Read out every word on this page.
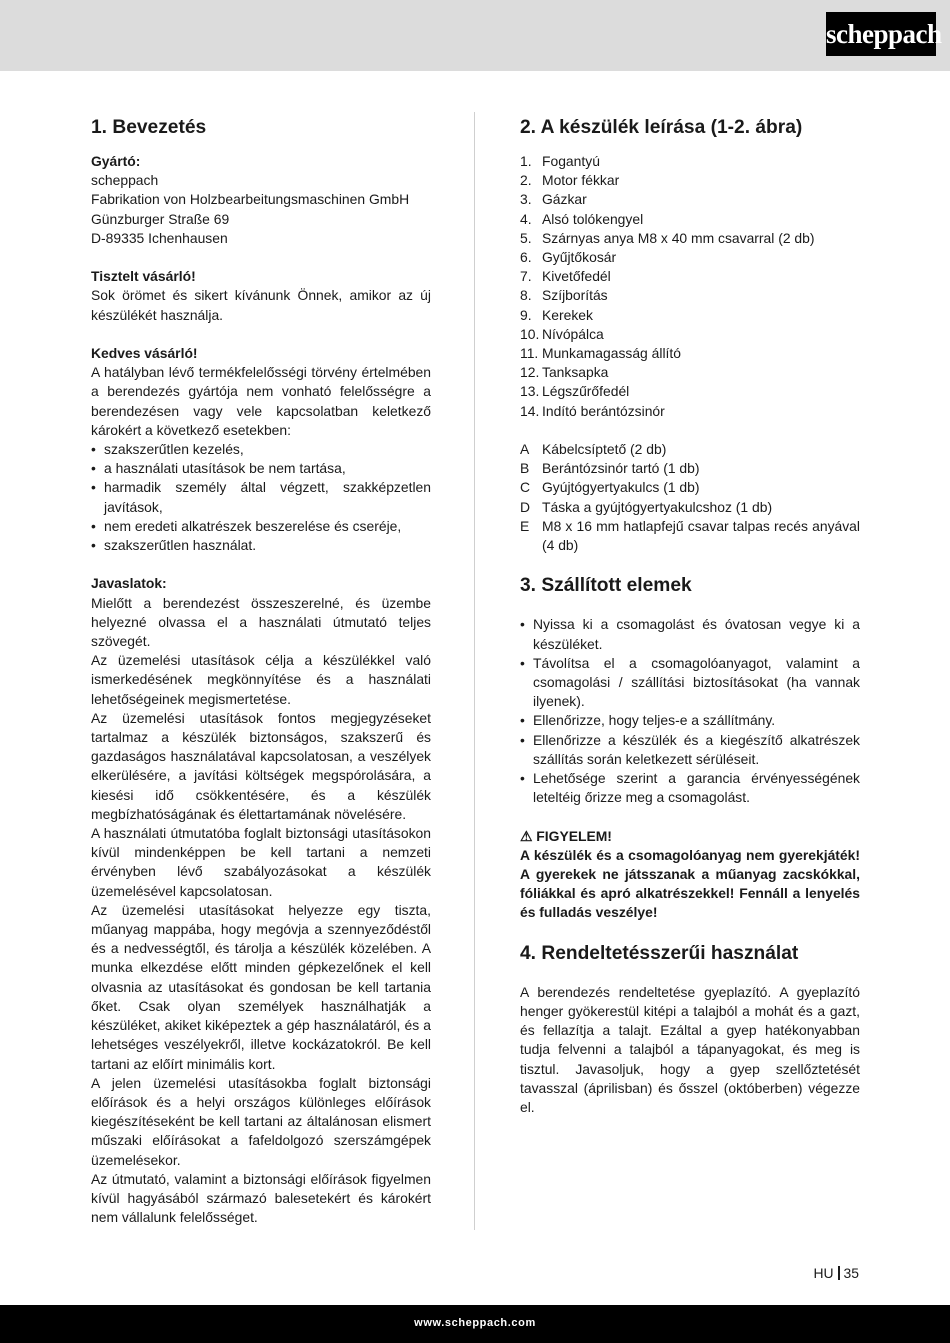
scheppach
1. Bevezetés

Gyártó:

scheppach

Fabrikation von Holzbearbeitungsmaschinen GmbH

Günzburger Straße 69

D-89335 Ichenhausen

Tisztelt vásárló!

Sok örömet és sikert kívánunk Önnek, amikor az új készülékét használja.

Kedves vásárló!

A hatályban lévő termékfelelősségi törvény értelmében a berendezés gyártója nem vonható felelősségre a berendezésen vagy vele kapcsolatban keletkező károkért a következő esetekben:

• szakszerűtlen kezelés,
• a használati utasítások be nem tartása,
• harmadik személy által végzett, szakképzetlen javítások,
• nem eredeti alkatrészek beszerelése és cseréje,
• szakszerűtlen használat.

Javaslatok:

Mielőtt a berendezést összeszerelné, és üzembe helyezné olvassa el a használati útmutató teljes szövegét.

Az üzemelési utasítások célja a készülékkel való ismerkedésének megkönnyítése és a használati lehetőségeinek megismertetése.

Az üzemelési utasítások fontos megjegyzéseket tartalmaz a készülék biztonságos, szakszerű és gazdaságos használatával kapcsolatosan, a veszélyek elkerülésére, a javítási költségek megspórolására, a kiesési idő csökkentésére, és a készülék megbízhatóságának és élettartamának növelésére.

A használati útmutatóba foglalt biztonsági utasításokon kívül mindenképpen be kell tartani a nemzeti érvényben lévő szabályozásokat a készülék üzemelésével kapcsolatosan.

Az üzemelési utasításokat helyezze egy tiszta, műanyag mappába, hogy megóvja a szennyeződéstől és a nedvességtől, és tárolja a készülék közelében. A munka elkezdése előtt minden gépkezelőnek el kell olvasnia az utasításokat és gondosan be kell tartania őket. Csak olyan személyek használhatják a készüléket, akiket kiképeztek a gép használatáról, és a lehetséges veszélyekről, illetve kockázatokról. Be kell tartani az előírt minimális kort.

A jelen üzemelési utasításokba foglalt biztonsági előírások és a helyi országos különleges előírások kiegészítéseként be kell tartani az általánosan elismert műszaki előírásokat a fafeldolgozó szerszámgépek üzemelésekor.

Az útmutató, valamint a biztonsági előírások figyelmen kívül hagyásából származó balesetekért és károkért nem vállalunk felelősséget.

2. A készülék leírása (1-2. ábra)
1. Fogantyú
2. Motor fékkar
3. Gázkar
4. Alsó tolókengyel
5. Szárnyas anya M8 x 40 mm csavarral (2 db)
6. Gyűjtőkosár
7. Kivetőfedél
8. Szíjborítás
9. Kerekek
10. Nívópálca
11. Munkamagasság állító
12. Tanksapka
13. Légszűrőfedél
14. Indító berántózsinór
A Kábelcsíptető (2 db)
B Berántózsinór tartó (1 db)
C Gyújtógyertyakulcs (1 db)
D Táska a gyújtógyertyakulcshoz (1 db)
E M8 x 16 mm hatlapfejű csavar talpas recés anyával (4 db)
3. Szállított elemek
• Nyissa ki a csomagolást és óvatosan vegye ki a készüléket.
• Távolítsa el a csomagolóanyagot, valamint a csomagolási / szállítási biztosításokat (ha vannak ilyenek).
• Ellenőrizze, hogy teljes-e a szállítmány.
• Ellenőrizze a készülék és a kiegészítő alkatrészek szállítás során keletkezett sérüléseit.
• Lehetősége szerint a garancia érvényességének leteltéig őrizze meg a csomagolást.

⚠ FIGYELEM!

A készülék és a csomagolóanyag nem gyerekjáték! A gyerekek ne játsszanak a műanyag zacskókkal, fóliákkal és apró alkatrészekkel! Fennáll a lenyelés és fulladás veszélye!

4. Rendeltetésszerűi használat

A berendezés rendeltetése gyeplazító. A gyeplazító henger gyökerestül kitépi a talajból a mohát és a gazt, és fellazítja a talajt. Ezáltal a gyep hatékonyabban tudja felvenni a talajból a tápanyagokat, és meg is tisztul. Javasoljuk, hogy a gyep szellőztetését tavasszal (áprilisban) és ősszel (októberben) végezze el.

HU 35
www.scheppach.com
